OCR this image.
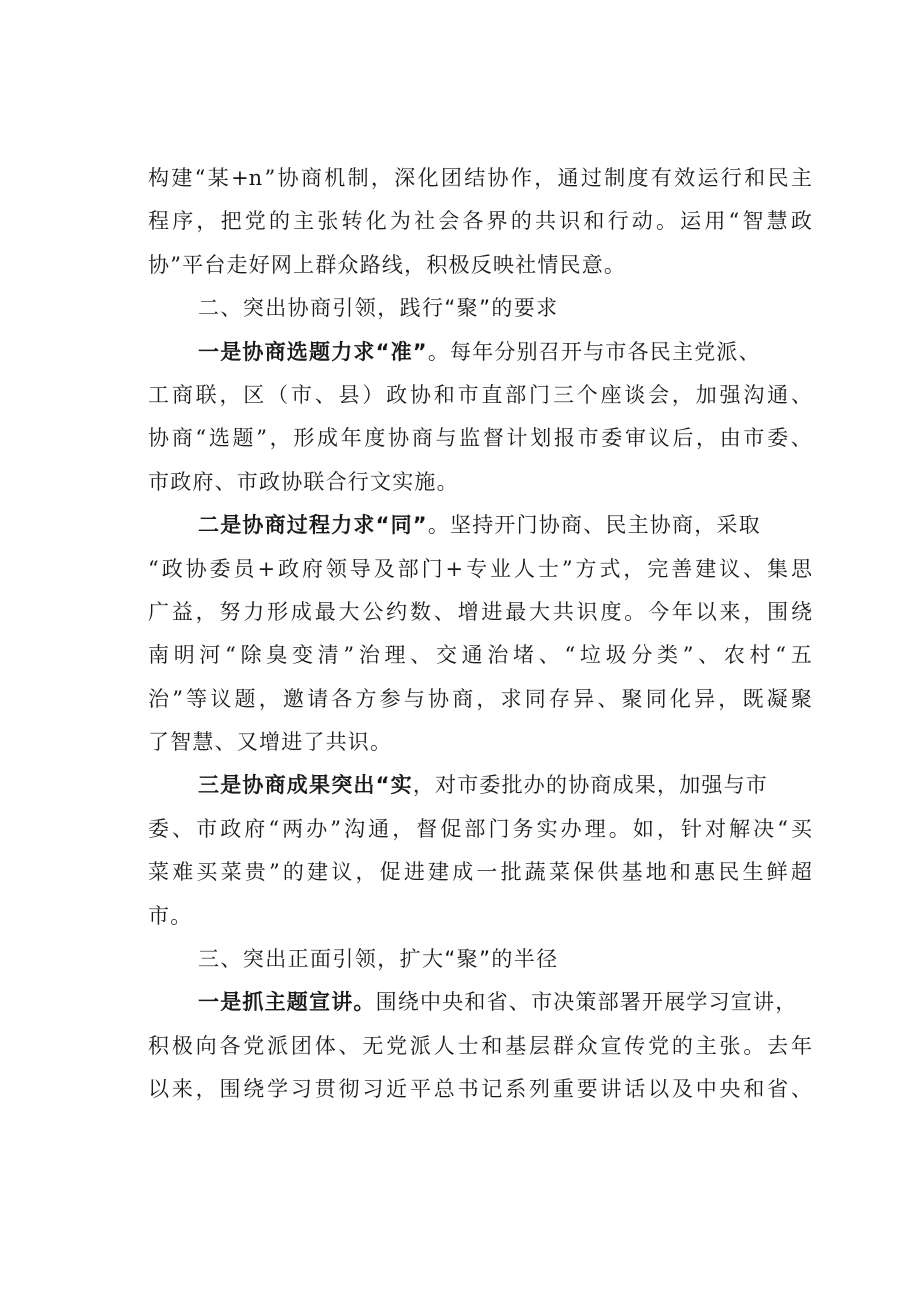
构 建 “ 某 +n ” 协 商 机 制 ， 深 化 团 结 协 作 ， 通 过 制 度 有 效 运 行 和 民 主
程 序 ， 把 党 的 主 张 转 化 为 社 会 各 界 的 共 识 和 行 动 。 运 用 “ 智 慧 政
协”平台走好网上群众路线，积极反映社情民意。
二、突出协商引领，践行“聚”的要求
一是协商选题力求“准”。每年分别召开与市各民主党派、
工 商 联 ， 区 （ 市 、 县 ） 政 协 和 市 直 部 门 三 个 座 谈 会 ， 加 强 沟 通 、
协 商 “ 选 题 ” ， 形 成 年 度 协 商 与 监 督 计 划 报 市 委 审 议 后 ， 由 市 委 、
市政府、市政协联合行文实施。
二是协商过程力求“同”。坚持开门协商、民主协商，采取
“ 政 协 委 员 + 政 府 领 导 及 部 门 + 专 业 人 士 ” 方 式 ， 完 善 建 议 、 集 思
广 益 ， 努 力 形 成 最 大 公 约 数 、 增 进 最 大 共 识 度 。 今 年 以 来 ， 围 绕
南 明 河 “ 除 臭 变 清 ” 治 理 、 交 通 治 堵 、 “ 垃 圾 分 类 ” 、 农 村 “ 五
治 ” 等 议 题 ， 邀 请 各 方 参 与 协 商 ， 求 同 存 异 、 聚 同 化 异 ， 既 凝 聚
了智慧、又增进了共识。
三是协商成果突出“实，对市委批办的协商成果，加强与市
委 、 市 政 府 “ 两 办 ” 沟 通 ， 督 促 部 门 务 实 办 理 。 如 ， 针 对 解 决 “ 买
菜 难 买 菜 贵 ” 的 建 议 ， 促 进 建 成 一 批 蔬 菜 保 供 基 地 和 惠 民 生 鲜 超
市。
三、突出正面引领，扩大“聚”的半径
一是抓主题宣讲。围绕中央和省、市决策部署开展学习宣讲，
积 极 向 各 党 派 团 体 、 无 党 派 人 士 和 基 层 群 众 宣 传 党 的 主 张 。 去 年
以 来 ， 围 绕 学 习 贯 彻 习 近 平 总 书 记 系 列 重 要 讲 话 以 及 中 央 和 省 、
